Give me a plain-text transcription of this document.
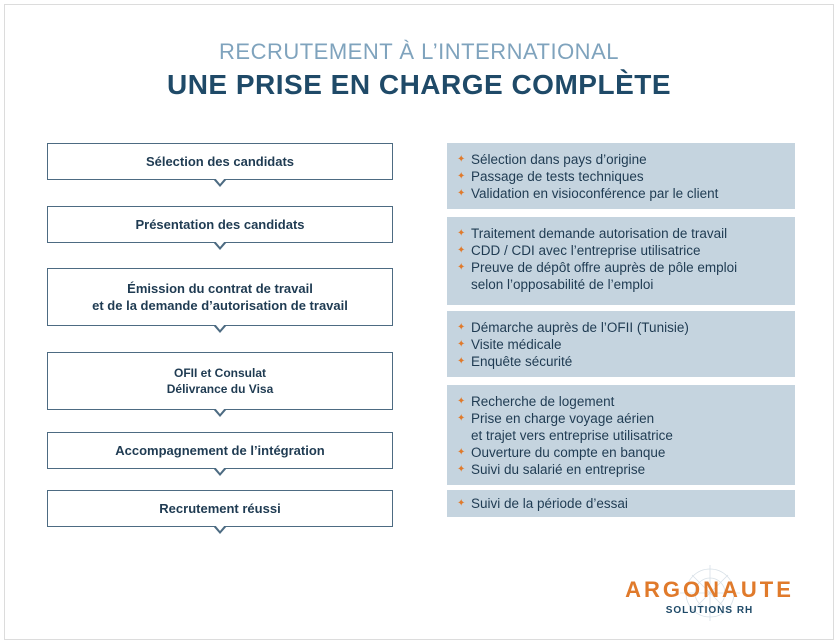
RECRUTEMENT À L’INTERNATIONAL
UNE PRISE EN CHARGE COMPLÈTE
Sélection des candidats
Présentation des candidats
Émission du contrat de travail
et de la demande d’autorisation de travail
OFII et Consulat
Délivrance du Visa
Accompagnement de l’intégration
Recrutement réussi
✦ Sélection dans pays d’origine
✦ Passage de tests techniques
✦ Validation en visioconférence par le client
✦ Traitement demande autorisation de travail
✦ CDD / CDI avec l’entreprise utilisatrice
✦ Preuve de dépôt offre auprès de pôle emploi
selon l’opposabilité de l’emploi
✦ Démarche auprès de l’OFII (Tunisie)
✦ Visite médicale
✦ Enquête sécurité
✦ Recherche de logement
✦ Prise en charge voyage aérien
et trajet vers entreprise utilisatrice
✦ Ouverture du compte en banque
✦ Suivi du salarié en entreprise
✦ Suivi de la période d’essai
ARGONAUTE
SOLUTIONS RH
